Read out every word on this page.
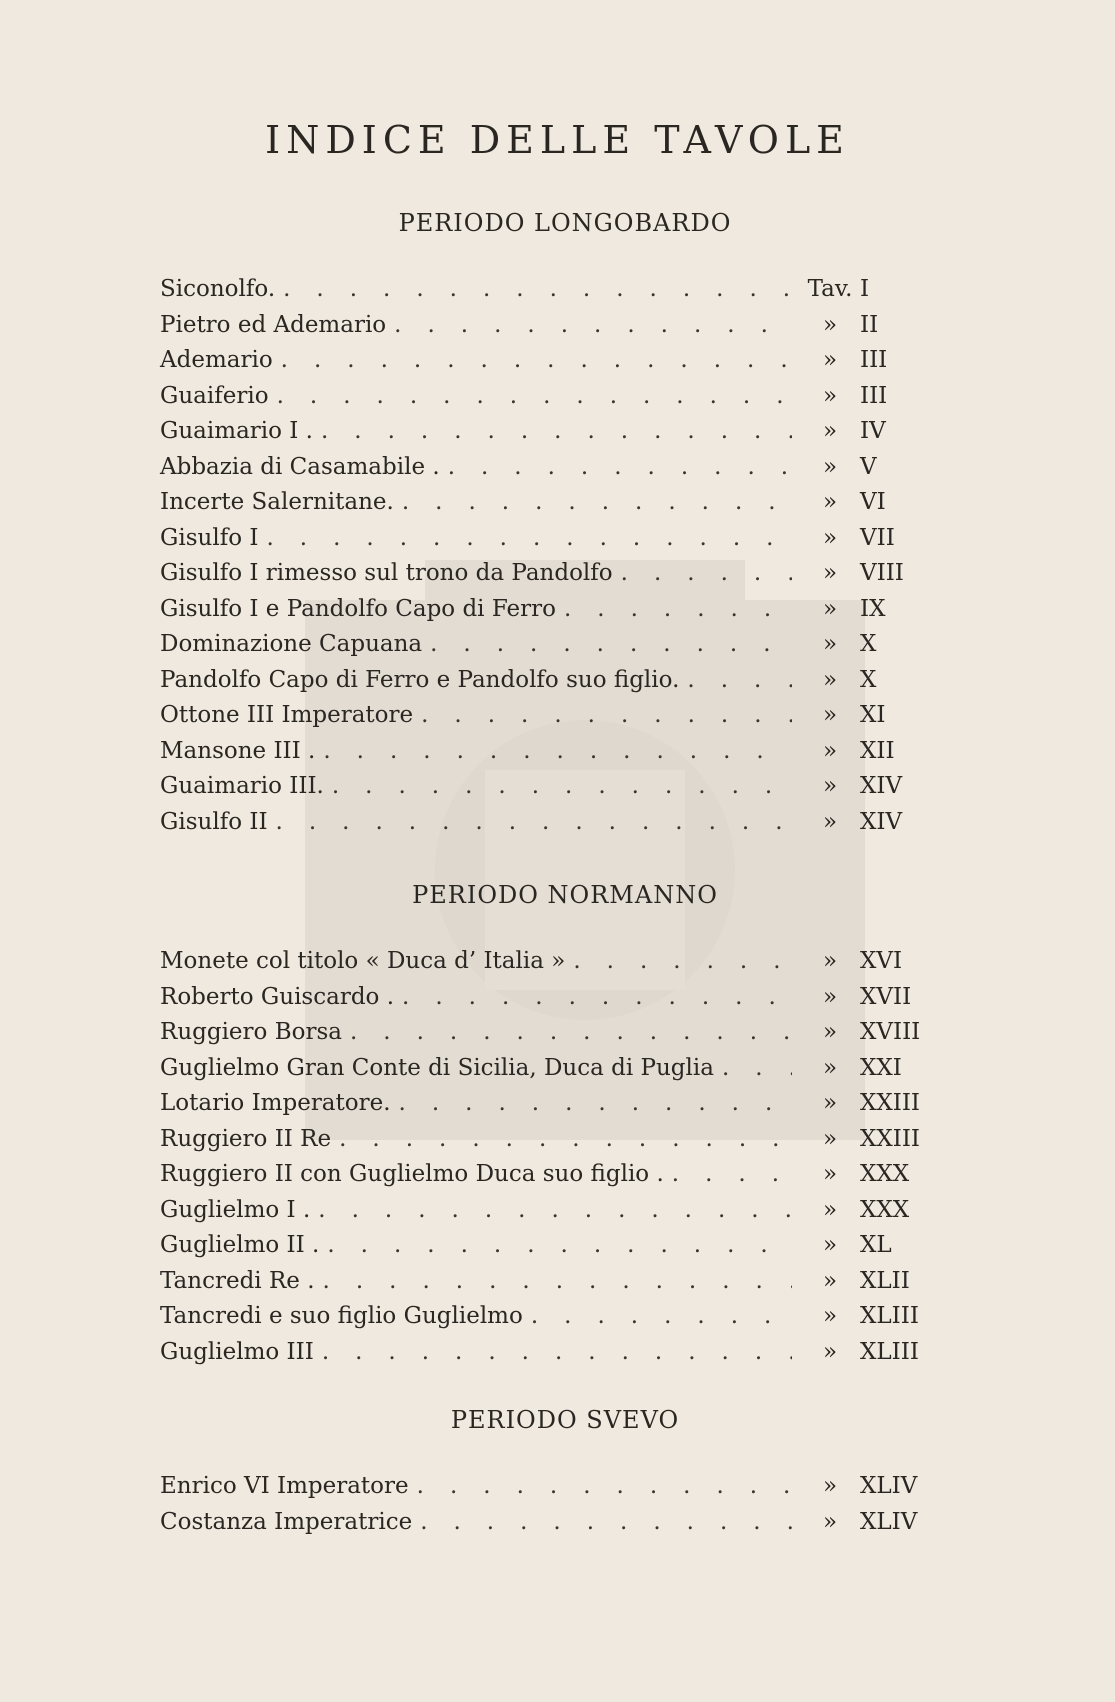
INDICE DELLE TAVOLE
PERIODO LONGOBARDO
Siconolfo. .....	Tav. I
Pietro ed Ademario .....	» II
Ademario .....	» III
Guaiferio .....	» III
Guaimario I . .....	» IV
Abbazia di Casamabile . .....	» V
Incerte Salernitane. .....	» VI
Gisulfo I .....	» VII
Gisulfo I rimesso sul trono da Pandolfo .....	» VIII
Gisulfo I e Pandolfo Capo di Ferro .....	» IX
Dominazione Capuana .....	» X
Pandolfo Capo di Ferro e Pandolfo suo figlio. .....	» X
Ottone III Imperatore .....	» XI
Mansone III . .....	» XII
Guaimario III. .....	» XIV
Gisulfo II .....	» XIV
PERIODO NORMANNO
Monete col titolo « Duca d’ Italia » .....	» XVI
Roberto Guiscardo . .....	» XVII
Ruggiero Borsa .....	» XVIII
Guglielmo Gran Conte di Sicilia, Duca di Puglia .....	» XXI
Lotario Imperatore. .....	» XXIII
Ruggiero II Re .....	» XXIII
Ruggiero II con Guglielmo Duca suo figlio . .....	» XXX
Guglielmo I . .....	» XXX
Guglielmo II . .....	» XL
Tancredi Re . .....	» XLII
Tancredi e suo figlio Guglielmo .....	» XLIII
Guglielmo III .....	» XLIII
PERIODO SVEVO
Enrico VI Imperatore .....	» XLIV
Costanza Imperatrice .....	» XLIV
